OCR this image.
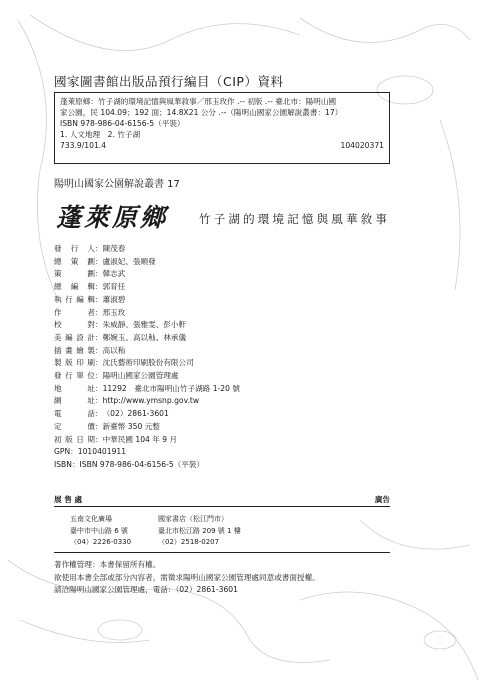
國家圖書館出版品預行編目（CIP）資料
蓬萊原鄉：竹子湖的環境記憶與風華敘事／邢玉玫作 .-- 初版 .-- 臺北市：陽明山國
家公園，民 104.09；192 面；14.8X21 公分 .--（陽明山國家公園解說叢書：17）
ISBN 978-986-04-6156-5（平裝）
1. 人文地理　2. 竹子湖
733.9/101.4	104020371
陽明山國家公園解說叢書 17
蓬萊原鄉	竹子湖的環境記憶與風華敘事
發 行 人 ： 陳茂春
總 策 劃 ： 盧淑妃、張順發
策 劃 ： 韓志武
總 編 輯 ： 郭育任
執行編輯 ： 蕭淑碧
作 者 ： 邢玉玫
校 對 ： 朱威靜、張雅雯、彭小軒
美編設計 ： 鄭婉玉、高以秈、林承儀
插畫繪製 ： 高以秈
製版印刷 ： 沈氏藝術印刷股份有限公司
發行單位 ： 陽明山國家公園管理處
地 址 ： 11292　臺北市陽明山竹子湖路 1-20 號
網 址 ： http://www.ymsnp.gov.tw
電 話 ： （02）2861-3601
定 價 ： 新臺幣 350 元整
初版日期 ： 中華民國 104 年 9 月
GPN ： 1010401911
ISBN ： ISBN 978-986-04-6156-5（平裝）
展 售 處	廣告
五南文化廣場	國家書店（松江門市）
臺中市中山路 6 號	臺北市松江路 209 號 1 樓
（04）2226-0330	（02）2518-0207
著作權管理：本書保留所有權。
欲使用本書全部或部分內容者，需徵求陽明山國家公園管理處同意或書面授權。
請洽陽明山國家公園管理處，電話：（02）2861-3601
